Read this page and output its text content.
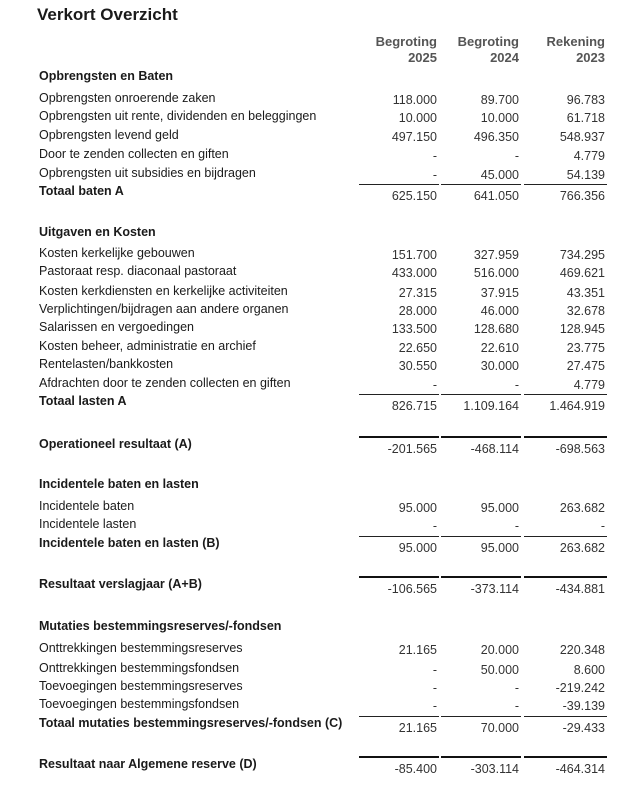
Verkort Overzicht
Begroting
2025
Begroting
2024
Rekening
2023
Opbrengsten en Baten
Opbrengsten onroerende zaken	118.000	89.700	96.783
Opbrengsten uit rente, dividenden en beleggingen	10.000	10.000	61.718
Opbrengsten levend geld	497.150	496.350	548.937
Door te zenden collecten en giften	-	-	4.779
Opbrengsten uit subsidies en bijdragen	-	45.000	54.139
Totaal baten A	625.150	641.050	766.356
Uitgaven en Kosten
Kosten kerkelijke gebouwen	151.700	327.959	734.295
Pastoraat resp. diaconaal pastoraat	433.000	516.000	469.621
Kosten kerkdiensten en kerkelijke activiteiten	27.315	37.915	43.351
Verplichtingen/bijdragen aan andere organen	28.000	46.000	32.678
Salarissen en vergoedingen	133.500	128.680	128.945
Kosten beheer, administratie en archief	22.650	22.610	23.775
Rentelasten/bankkosten	30.550	30.000	27.475
Afdrachten door te zenden collecten en giften	-	-	4.779
Totaal lasten A	826.715	1.109.164	1.464.919
Operationeel resultaat (A)	-201.565	-468.114	-698.563
Incidentele baten en lasten
Incidentele baten	95.000	95.000	263.682
Incidentele lasten	-	-	-
Incidentele baten en lasten (B)	95.000	95.000	263.682
Resultaat verslagjaar (A+B)	-106.565	-373.114	-434.881
Mutaties bestemmingsreserves/-fondsen
Onttrekkingen bestemmingsreserves	21.165	20.000	220.348
Onttrekkingen bestemmingsfondsen	-	50.000	8.600
Toevoegingen bestemmingsreserves	-	-	-219.242
Toevoegingen bestemmingsfondsen	-	-	-39.139
Totaal mutaties bestemmingsreserves/-fondsen (C)	21.165	70.000	-29.433
Resultaat naar Algemene reserve (D)	-85.400	-303.114	-464.314
